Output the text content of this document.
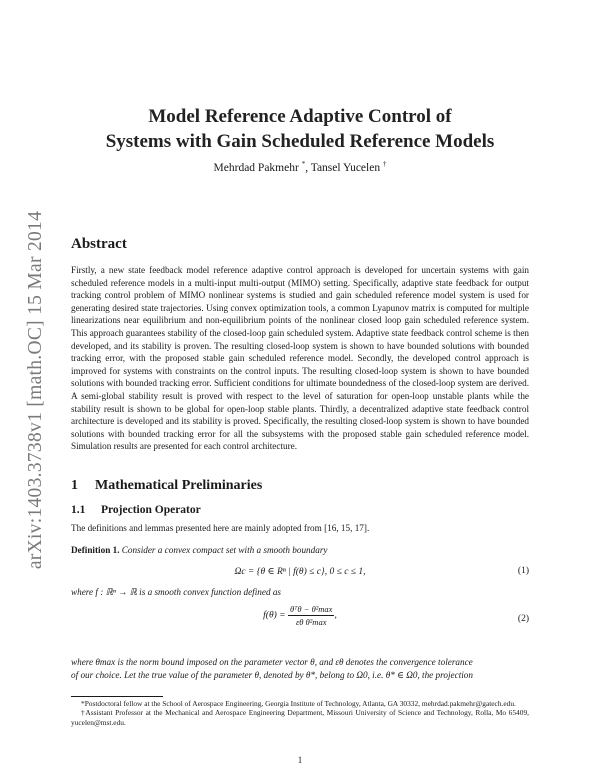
arXiv:1403.3738v1 [math.OC] 15 Mar 2014
Model Reference Adaptive Control of
Systems with Gain Scheduled Reference Models
Mehrdad Pakmehr *, Tansel Yucelen †
Abstract
Firstly, a new state feedback model reference adaptive control approach is developed for uncertain systems with gain scheduled reference models in a multi-input multi-output (MIMO) setting. Specifically, adaptive state feedback for output tracking control problem of MIMO nonlinear systems is studied and gain scheduled reference model system is used for generating desired state trajectories. Using convex optimization tools, a common Lyapunov matrix is computed for multiple linearizations near equilibrium and non-equilibrium points of the nonlinear closed loop gain scheduled reference system. This approach guarantees stability of the closed-loop gain scheduled system. Adaptive state feedback control scheme is then developed, and its stability is proven. The resulting closed-loop system is shown to have bounded solutions with bounded tracking error, with the proposed stable gain scheduled reference model. Secondly, the developed control approach is improved for systems with constraints on the control inputs. The resulting closed-loop system is shown to have bounded solutions with bounded tracking error. Sufficient conditions for ultimate boundedness of the closed-loop system are derived. A semi-global stability result is proved with respect to the level of saturation for open-loop unstable plants while the stability result is shown to be global for open-loop stable plants. Thirdly, a decentralized adaptive state feedback control architecture is developed and its stability is proved. Specifically, the resulting closed-loop system is shown to have bounded solutions with bounded tracking error for all the subsystems with the proposed stable gain scheduled reference model. Simulation results are presented for each control architecture.
1 Mathematical Preliminaries
1.1 Projection Operator
The definitions and lemmas presented here are mainly adopted from [16, 15, 17].
Definition 1. Consider a convex compact set with a smooth boundary
Ωc = {θ ∈ Rⁿ | f(θ) ≤ c}, 0 ≤ c ≤ 1,	(1)
where f : ℝⁿ → ℝ is a smooth convex function defined as
$f(\theta) = \frac{\text{θᵀθ − θ²max}}{\text{εθ θ²max}}$ ,	(2)
where θmax is the norm bound imposed on the parameter vector θ, and εθ denotes the convergence tolerance
of our choice. Let the true value of the parameter θ, denoted by θ*, belong to Ω0, i.e. θ* ∈ Ω0, the projection

*Postdoctoral fellow at the School of Aerospace Engineering, Georgia Institute of Technology, Atlanta, GA 30332, mehrdad.pakmehr@gatech.edu.

†Assistant Professor at the Mechanical and Aerospace Engineering Department, Missouri University of Science and Technology, Rolla, Mo 65409, yucelen@mst.edu.

1
